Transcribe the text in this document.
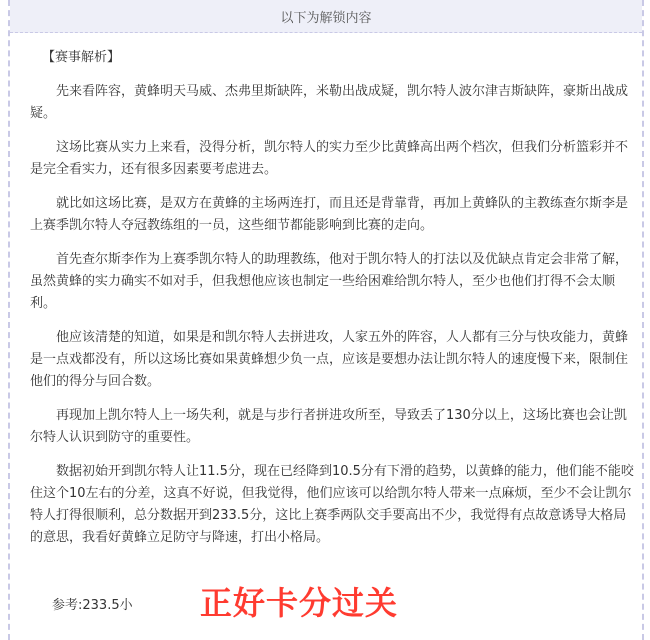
以下为解锁内容
【赛事解析】

先来看阵容，黄蜂明天马威、杰弗里斯缺阵，米勒出战成疑，凯尔特人波尔津吉斯缺阵，豪斯出战成疑。

这场比赛从实力上来看，没得分析，凯尔特人的实力至少比黄蜂高出两个档次，但我们分析篮彩并不是完全看实力，还有很多因素要考虑进去。

就比如这场比赛，是双方在黄蜂的主场两连打，而且还是背靠背，再加上黄蜂队的主教练查尔斯李是上赛季凯尔特人夺冠教练组的一员，这些细节都能影响到比赛的走向。

首先查尔斯李作为上赛季凯尔特人的助理教练，他对于凯尔特人的打法以及优缺点肯定会非常了解，虽然黄蜂的实力确实不如对手，但我想他应该也制定一些给困难给凯尔特人，至少也他们打得不会太顺利。

他应该清楚的知道，如果是和凯尔特人去拼进攻，人家五外的阵容，人人都有三分与快攻能力，黄蜂是一点戏都没有，所以这场比赛如果黄蜂想少负一点，应该是要想办法让凯尔特人的速度慢下来，限制住他们的得分与回合数。

再现加上凯尔特人上一场失利，就是与步行者拼进攻所至，导致丢了130分以上，这场比赛也会让凯尔特人认识到防守的重要性。

数据初始开到凯尔特人让11.5分，现在已经降到10.5分有下滑的趋势，以黄蜂的能力，他们能不能咬住这个10左右的分差，这真不好说，但我觉得，他们应该可以给凯尔特人带来一点麻烦，至少不会让凯尔特人打得很顺利，总分数据开到233.5分，这比上赛季两队交手要高出不少，我觉得有点故意诱导大格局的意思，我看好黄蜂立足防守与降速，打出小格局。

参考:233.5小 正好卡分过关
